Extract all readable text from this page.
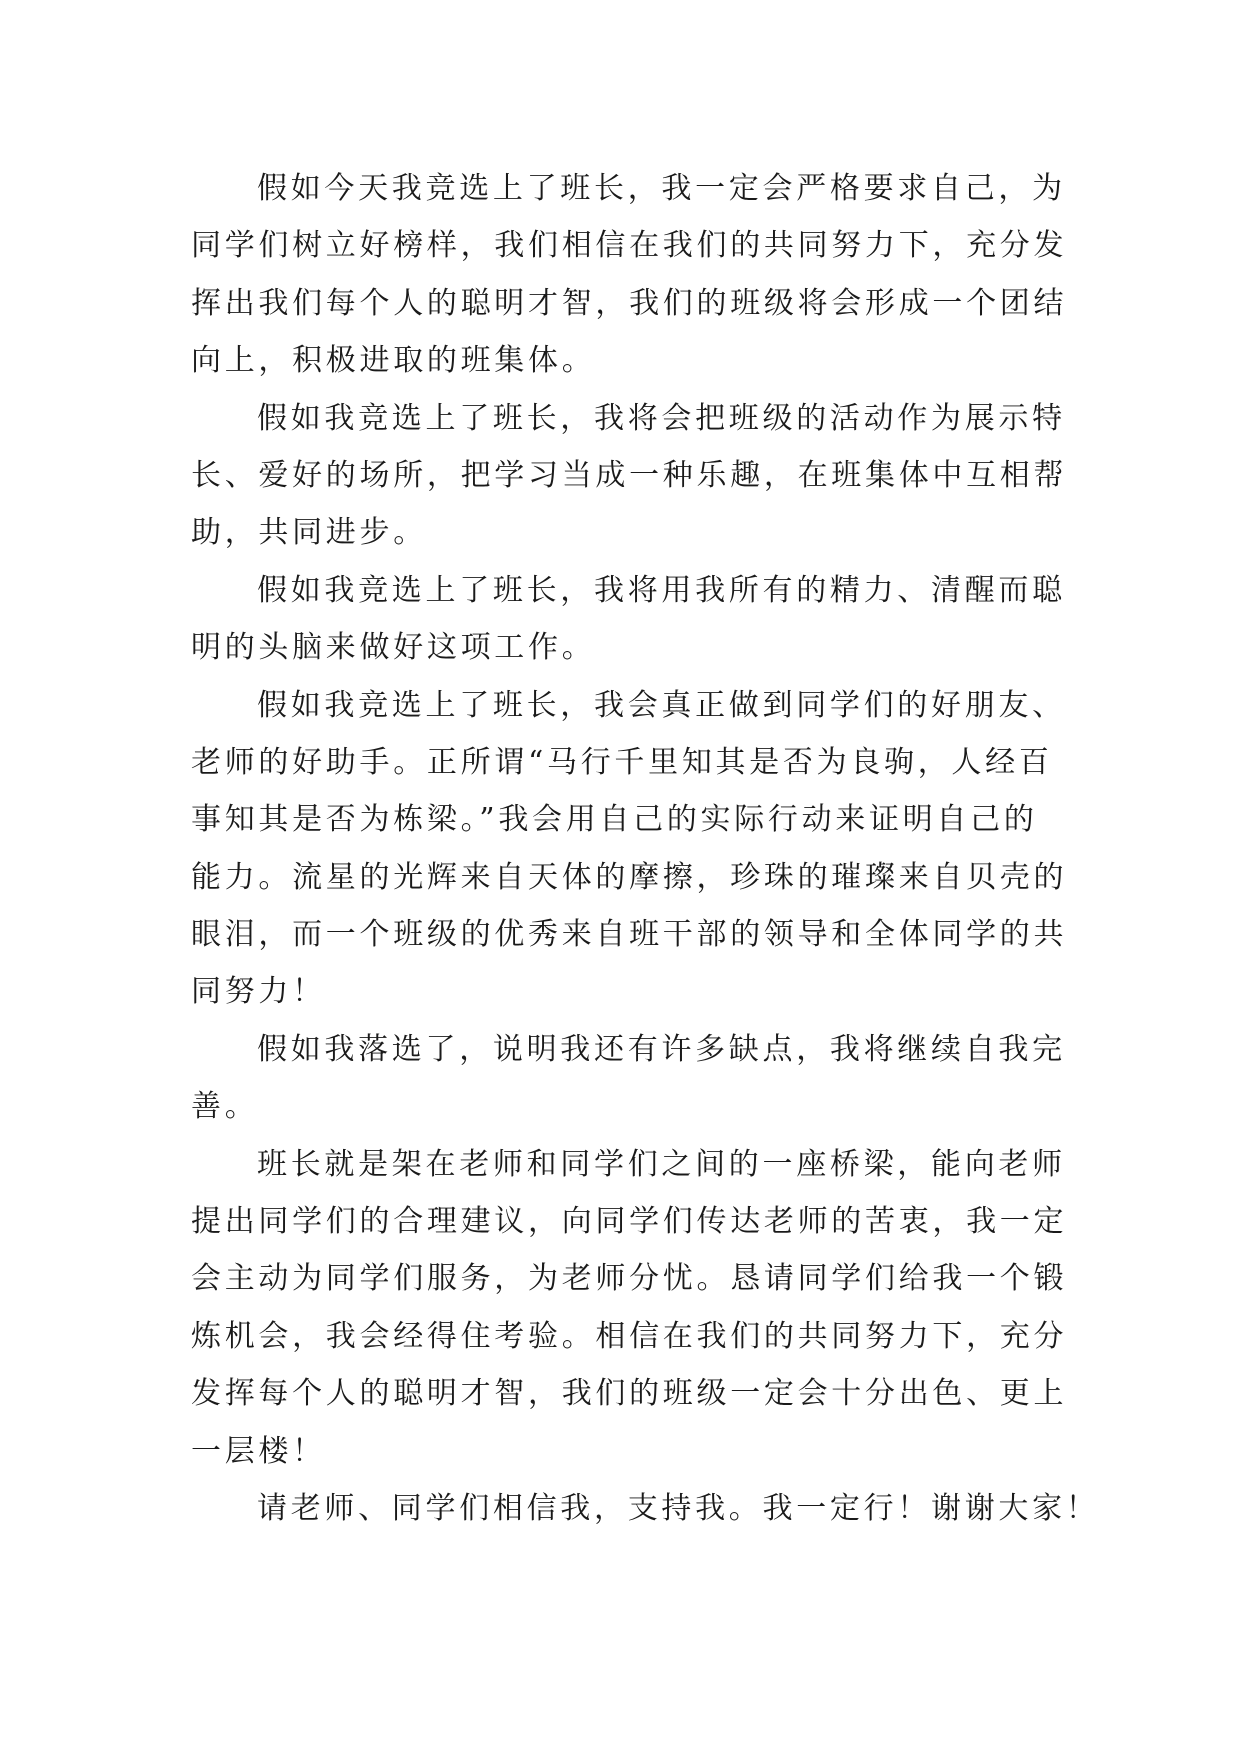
假如今天我竞选上了班长，我一定会严格要求自己，为
同学们树立好榜样，我们相信在我们的共同努力下，充分发
挥出我们每个人的聪明才智，我们的班级将会形成一个团结
向上，积极进取的班集体。
假如我竞选上了班长，我将会把班级的活动作为展示特
长、爱好的场所，把学习当成一种乐趣，在班集体中互相帮
助，共同进步。
假如我竞选上了班长，我将用我所有的精力、清醒而聪
明的头脑来做好这项工作。
假如我竞选上了班长，我会真正做到同学们的好朋友、
老师的好助手。正所谓“马行千里知其是否为良驹，人经百
事知其是否为栋梁。”我会用自己的实际行动来证明自己的
能力。流星的光辉来自天体的摩擦，珍珠的璀璨来自贝壳的
眼泪，而一个班级的优秀来自班干部的领导和全体同学的共
同努力！
假如我落选了，说明我还有许多缺点，我将继续自我完
善。
班长就是架在老师和同学们之间的一座桥梁，能向老师
提出同学们的合理建议，向同学们传达老师的苦衷，我一定
会主动为同学们服务，为老师分忧。恳请同学们给我一个锻
炼机会，我会经得住考验。相信在我们的共同努力下，充分
发挥每个人的聪明才智，我们的班级一定会十分出色、更上
一层楼！
请老师、同学们相信我，支持我。我一定行！谢谢大家！
